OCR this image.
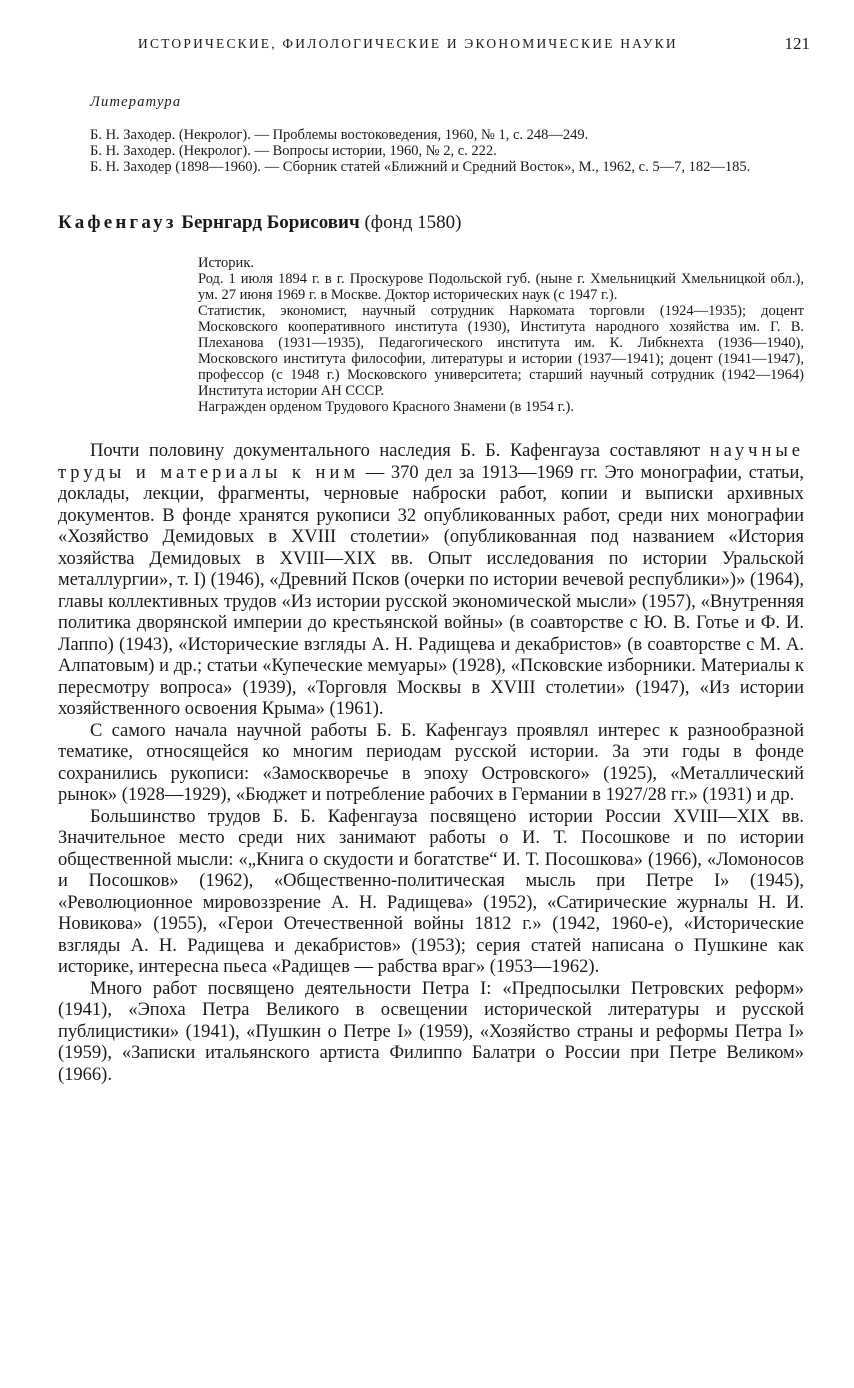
ИСТОРИЧЕСКИЕ, ФИЛОЛОГИЧЕСКИЕ И ЭКОНОМИЧЕСКИЕ НАУКИ	121
Литература
Б. Н. Заходер. (Некролог). — Проблемы востоковедения, 1960, № 1, с. 248—249.
Б. Н. Заходер. (Некролог). — Вопросы истории, 1960, № 2, с. 222.
Б. Н. Заходер (1898—1960). — Сборник статей «Ближний и Средний Восток», М., 1962, с. 5—7, 182—185.
Кафенгауз Бернгард Борисович (фонд 1580)

Историк.

Род. 1 июля 1894 г. в г. Проскурове Подольской губ. (ныне г. Хмельницкий Хмельницкой обл.), ум. 27 июня 1969 г. в Москве. Доктор исторических наук (с 1947 г.).

Статистик, экономист, научный сотрудник Наркомата торговли (1924—1935); доцент Московского кооперативного института (1930), Института народного хозяйства им. Г. В. Плеханова (1931—1935), Педагогического института им. К. Либкнехта (1936—1940), Московского института философии, литературы и истории (1937—1941); доцент (1941—1947), профессор (с 1948 г.) Московского университета; старший научный сотрудник (1942—1964) Института истории АН СССР.

Награжден орденом Трудового Красного Знамени (в 1954 г.).

Почти половину документального наследия Б. Б. Кафенгауза составляют научные труды и материалы к ним — 370 дел за 1913—1969 гг. Это монографии, статьи, доклады, лекции, фрагменты, черновые наброски работ, копии и выписки архивных документов. В фонде хранятся рукописи 32 опубликованных работ, среди них монографии «Хозяйство Демидовых в XVIII столетии» (опубликованная под названием «История хозяйства Демидовых в XVIII—XIX вв. Опыт исследования по истории Уральской металлургии», т. I) (1946), «Древний Псков (очерки по истории вечевой республики»)» (1964), главы коллективных трудов «Из истории русской экономической мысли» (1957), «Внутренняя политика дворянской империи до крестьянской войны» (в соавторстве с Ю. В. Готье и Ф. И. Лаппо) (1943), «Исторические взгляды А. Н. Радищева и декабристов» (в соавторстве с М. А. Алпатовым) и др.; статьи «Купеческие мемуары» (1928), «Псковские изборники. Материалы к пересмотру вопроса» (1939), «Торговля Москвы в XVIII столетии» (1947), «Из истории хозяйственного освоения Крыма» (1961).

С самого начала научной работы Б. Б. Кафенгауз проявлял интерес к разнообразной тематике, относящейся ко многим периодам русской истории. За эти годы в фонде сохранились рукописи: «Замоскворечье в эпоху Островского» (1925), «Металлический рынок» (1928—1929), «Бюджет и потребление рабочих в Германии в 1927/28 гг.» (1931) и др.

Большинство трудов Б. Б. Кафенгауза посвящено истории России XVIII—XIX вв. Значительное место среди них занимают работы о И. Т. Посошкове и по истории общественной мысли: «„Книга о скудости и богатстве“ И. Т. Посошкова» (1966), «Ломоносов и Посошков» (1962), «Общественно-политическая мысль при Петре I» (1945), «Революционное мировоззрение А. Н. Радищева» (1952), «Сатирические журналы Н. И. Новикова» (1955), «Герои Отечественной войны 1812 г.» (1942, 1960-е), «Исторические взгляды А. Н. Радищева и декабристов» (1953); серия статей написана о Пушкине как историке, интересна пьеса «Радищев — рабства враг» (1953—1962).

Много работ посвящено деятельности Петра I: «Предпосылки Петровских реформ» (1941), «Эпоха Петра Великого в освещении исторической литературы и русской публицистики» (1941), «Пушкин о Петре I» (1959), «Хозяйство страны и реформы Петра I» (1959), «Записки итальянского артиста Филиппо Балатри о России при Петре Великом» (1966).
